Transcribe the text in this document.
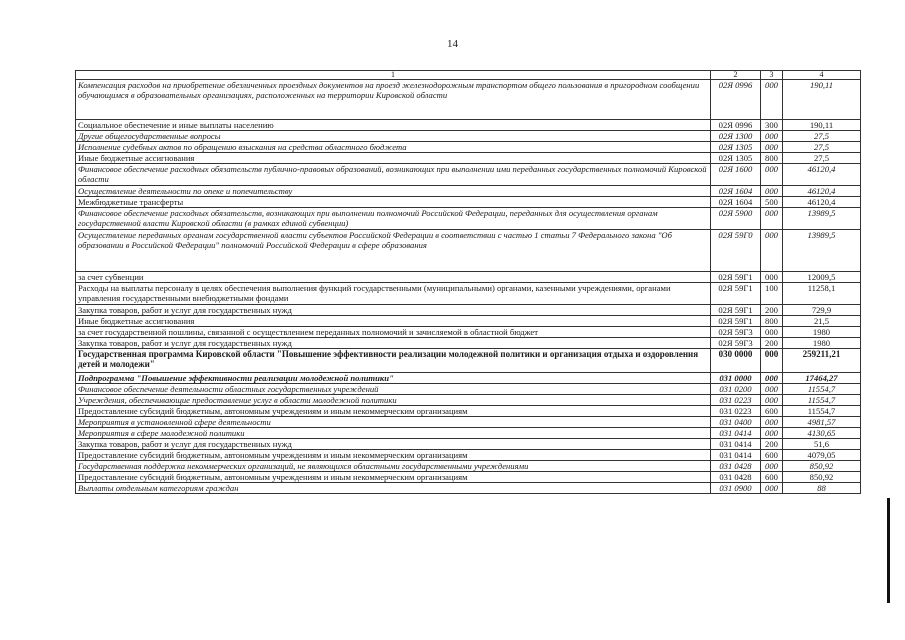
14
1	2	3	4
Компенсация расходов на приобретение обезличенных проездных документов на проезд железнодорожным транспортом общего пользования в пригородном сообщении обучающимся в образовательных организациях, расположенных на территории Кировской области	02Я 0996	000	190,11
Социальное обеспечение и иные выплаты населению	02Я 0996	300	190,11
Другие общегосударственные вопросы	02Я 1300	000	27,5
Исполнение судебных актов по обращению взыскания на средства областного бюджета	02Я 1305	000	27,5
Иные бюджетные ассигнования	02Я 1305	800	27,5
Финансовое обеспечение расходных обязательств публично-правовых образований, возникающих при выполнении ими переданных государственных полномочий Кировской области	02Я 1600	000	46120,4
Осуществление деятельности по опеке и попечительству	02Я 1604	000	46120,4
Межбюджетные трансферты	02Я 1604	500	46120,4
Финансовое обеспечение расходных обязательств, возникающих при выполнении полномочий Российской Федерации, переданных для осуществления органам государственной власти Кировской области (в рамках единой субвенции)	02Я 5900	000	13989,5
Осуществление переданных органам государственной власти субъектов Российской Федерации в соответствии с частью 1 статьи 7 Федерального закона "Об образовании в Российской Федерации" полномочий Российской Федерации в сфере образования	02Я 59Г0	000	13989,5
за счет субвенции	02Я 59Г1	000	12009,5
Расходы на выплаты персоналу в целях обеспечения выполнения функций государственными (муниципальными) органами, казенными учреждениями, органами управления государственными внебюджетными фондами	02Я 59Г1	100	11258,1
Закупка товаров, работ и услуг для государственных нужд	02Я 59Г1	200	729,9
Иные бюджетные ассигнования	02Я 59Г1	800	21,5
за счет государственной пошлины, связанной с осуществлением переданных полномочий и зачисляемой в областной бюджет	02Я 59Г3	000	1980
Закупка товаров, работ и услуг для государственных нужд	02Я 59Г3	200	1980
Государственная программа Кировской области "Повышение эффективности реализации молодежной политики и организация отдыха и оздоровления детей и молодежи"	030 0000	000	259211,21
Подпрограмма "Повышение эффективности реализации молодежной политики"	031 0000	000	17464,27
Финансовое обеспечение деятельности областных государственных учреждений	031 0200	000	11554,7
Учреждения, обеспечивающие предоставление услуг в области молодежной политики	031 0223	000	11554,7
Предоставление субсидий бюджетным, автономным учреждениям и иным некоммерческим организациям	031 0223	600	11554,7
Мероприятия в установленной сфере деятельности	031 0400	000	4981,57
Мероприятия в сфере молодежной политики	031 0414	000	4130,65
Закупка товаров, работ и услуг для государственных нужд	031 0414	200	51,6
Предоставление субсидий бюджетным, автономным учреждениям и иным некоммерческим организациям	031 0414	600	4079,05
Государственная поддержка некоммерческих организаций, не являющихся областными государственными учреждениями	031 0428	000	850,92
Предоставление субсидий бюджетным, автономным учреждениям и иным некоммерческим организациям	031 0428	600	850,92
Выплаты отдельным категориям граждан	031 0900	000	88
